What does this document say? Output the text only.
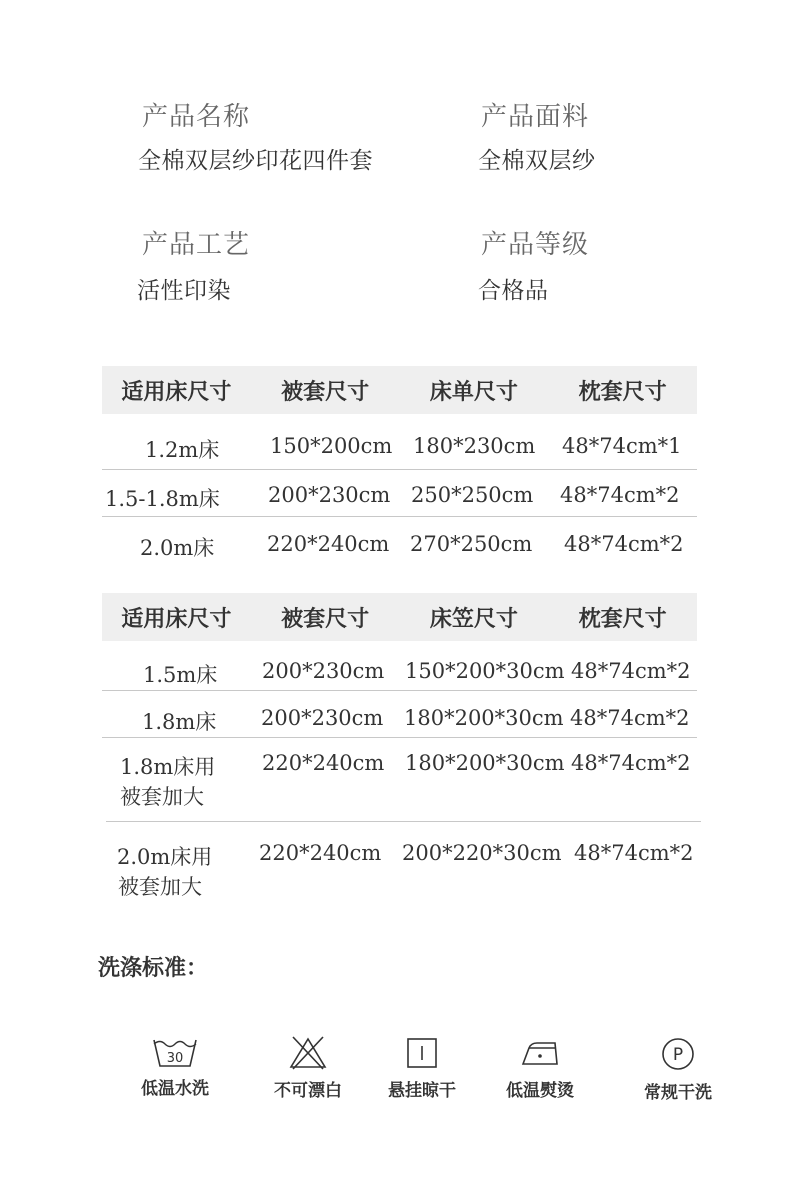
产品名称
全棉双层纱印花四件套
产品面料
全棉双层纱
产品工艺
活性印染
产品等级
合格品
适用床尺寸	被套尺寸	床单尺寸	枕套尺寸
1.2m床 150*200cm 180*230cm 48*74cm*1
1.5-1.8m床 200*230cm 250*250cm 48*74cm*2
2.0m床	220*240cm 270*250cm 48*74cm*2
适用床尺寸	被套尺寸	床笠尺寸	枕套尺寸
1.5m床 200*230cm 150*200*30cm 48*74cm*2
1.8m床 200*230cm 180*200*30cm 48*74cm*2
1.8m床用
被套加大
220*240cm 180*200*30cm 48*74cm*2
2.0m床用
被套加大
220*240cm 200*220*30cm 48*74cm*2
洗涤标准：
30
低温水洗	不可漂白	悬挂晾干	低温熨烫
P
常规干洗
